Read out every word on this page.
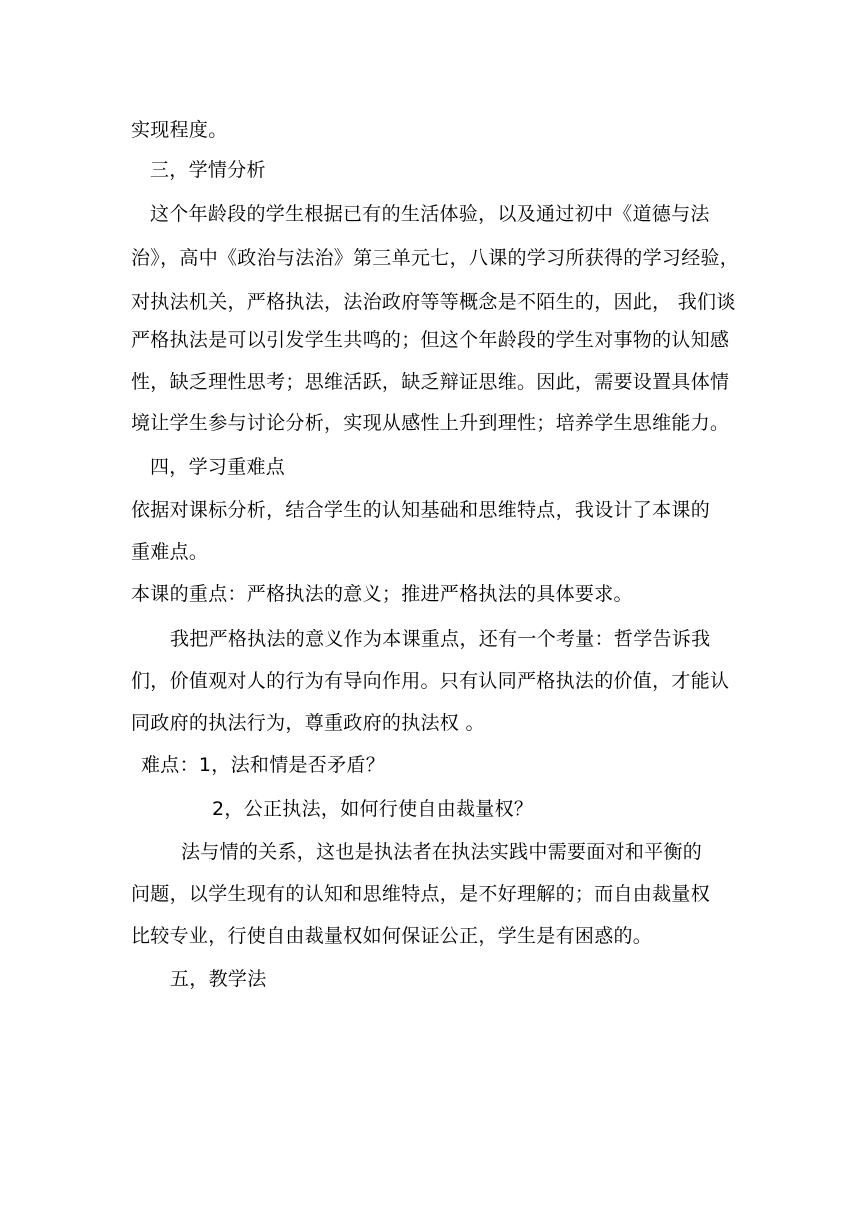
实现程度。
三，学情分析
这个年龄段的学生根据已有的生活体验，以及通过初中《道德与法
治》，高中《政治与法治》第三单元七，八课的学习所获得的学习经验，
对执法机关，严格执法，法治政府等等概念是不陌生的，因此， 我们谈
严格执法是可以引发学生共鸣的；但这个年龄段的学生对事物的认知感
性，缺乏理性思考；思维活跃，缺乏辩证思维。因此，需要设置具体情
境让学生参与讨论分析，实现从感性上升到理性；培养学生思维能力。
四，学习重难点
依据对课标分析，结合学生的认知基础和思维特点，我设计了本课的
重难点。
本课的重点：严格执法的意义；推进严格执法的具体要求。
我把严格执法的意义作为本课重点，还有一个考量：哲学告诉我
们，价值观对人的行为有导向作用。只有认同严格执法的价值，才能认
同政府的执法行为，尊重政府的执法权 。
难点：1，法和情是否矛盾？
2，公正执法，如何行使自由裁量权？
法与情的关系，这也是执法者在执法实践中需要面对和平衡的
问题，以学生现有的认知和思维特点，是不好理解的；而自由裁量权
比较专业，行使自由裁量权如何保证公正，学生是有困惑的。
五，教学法
